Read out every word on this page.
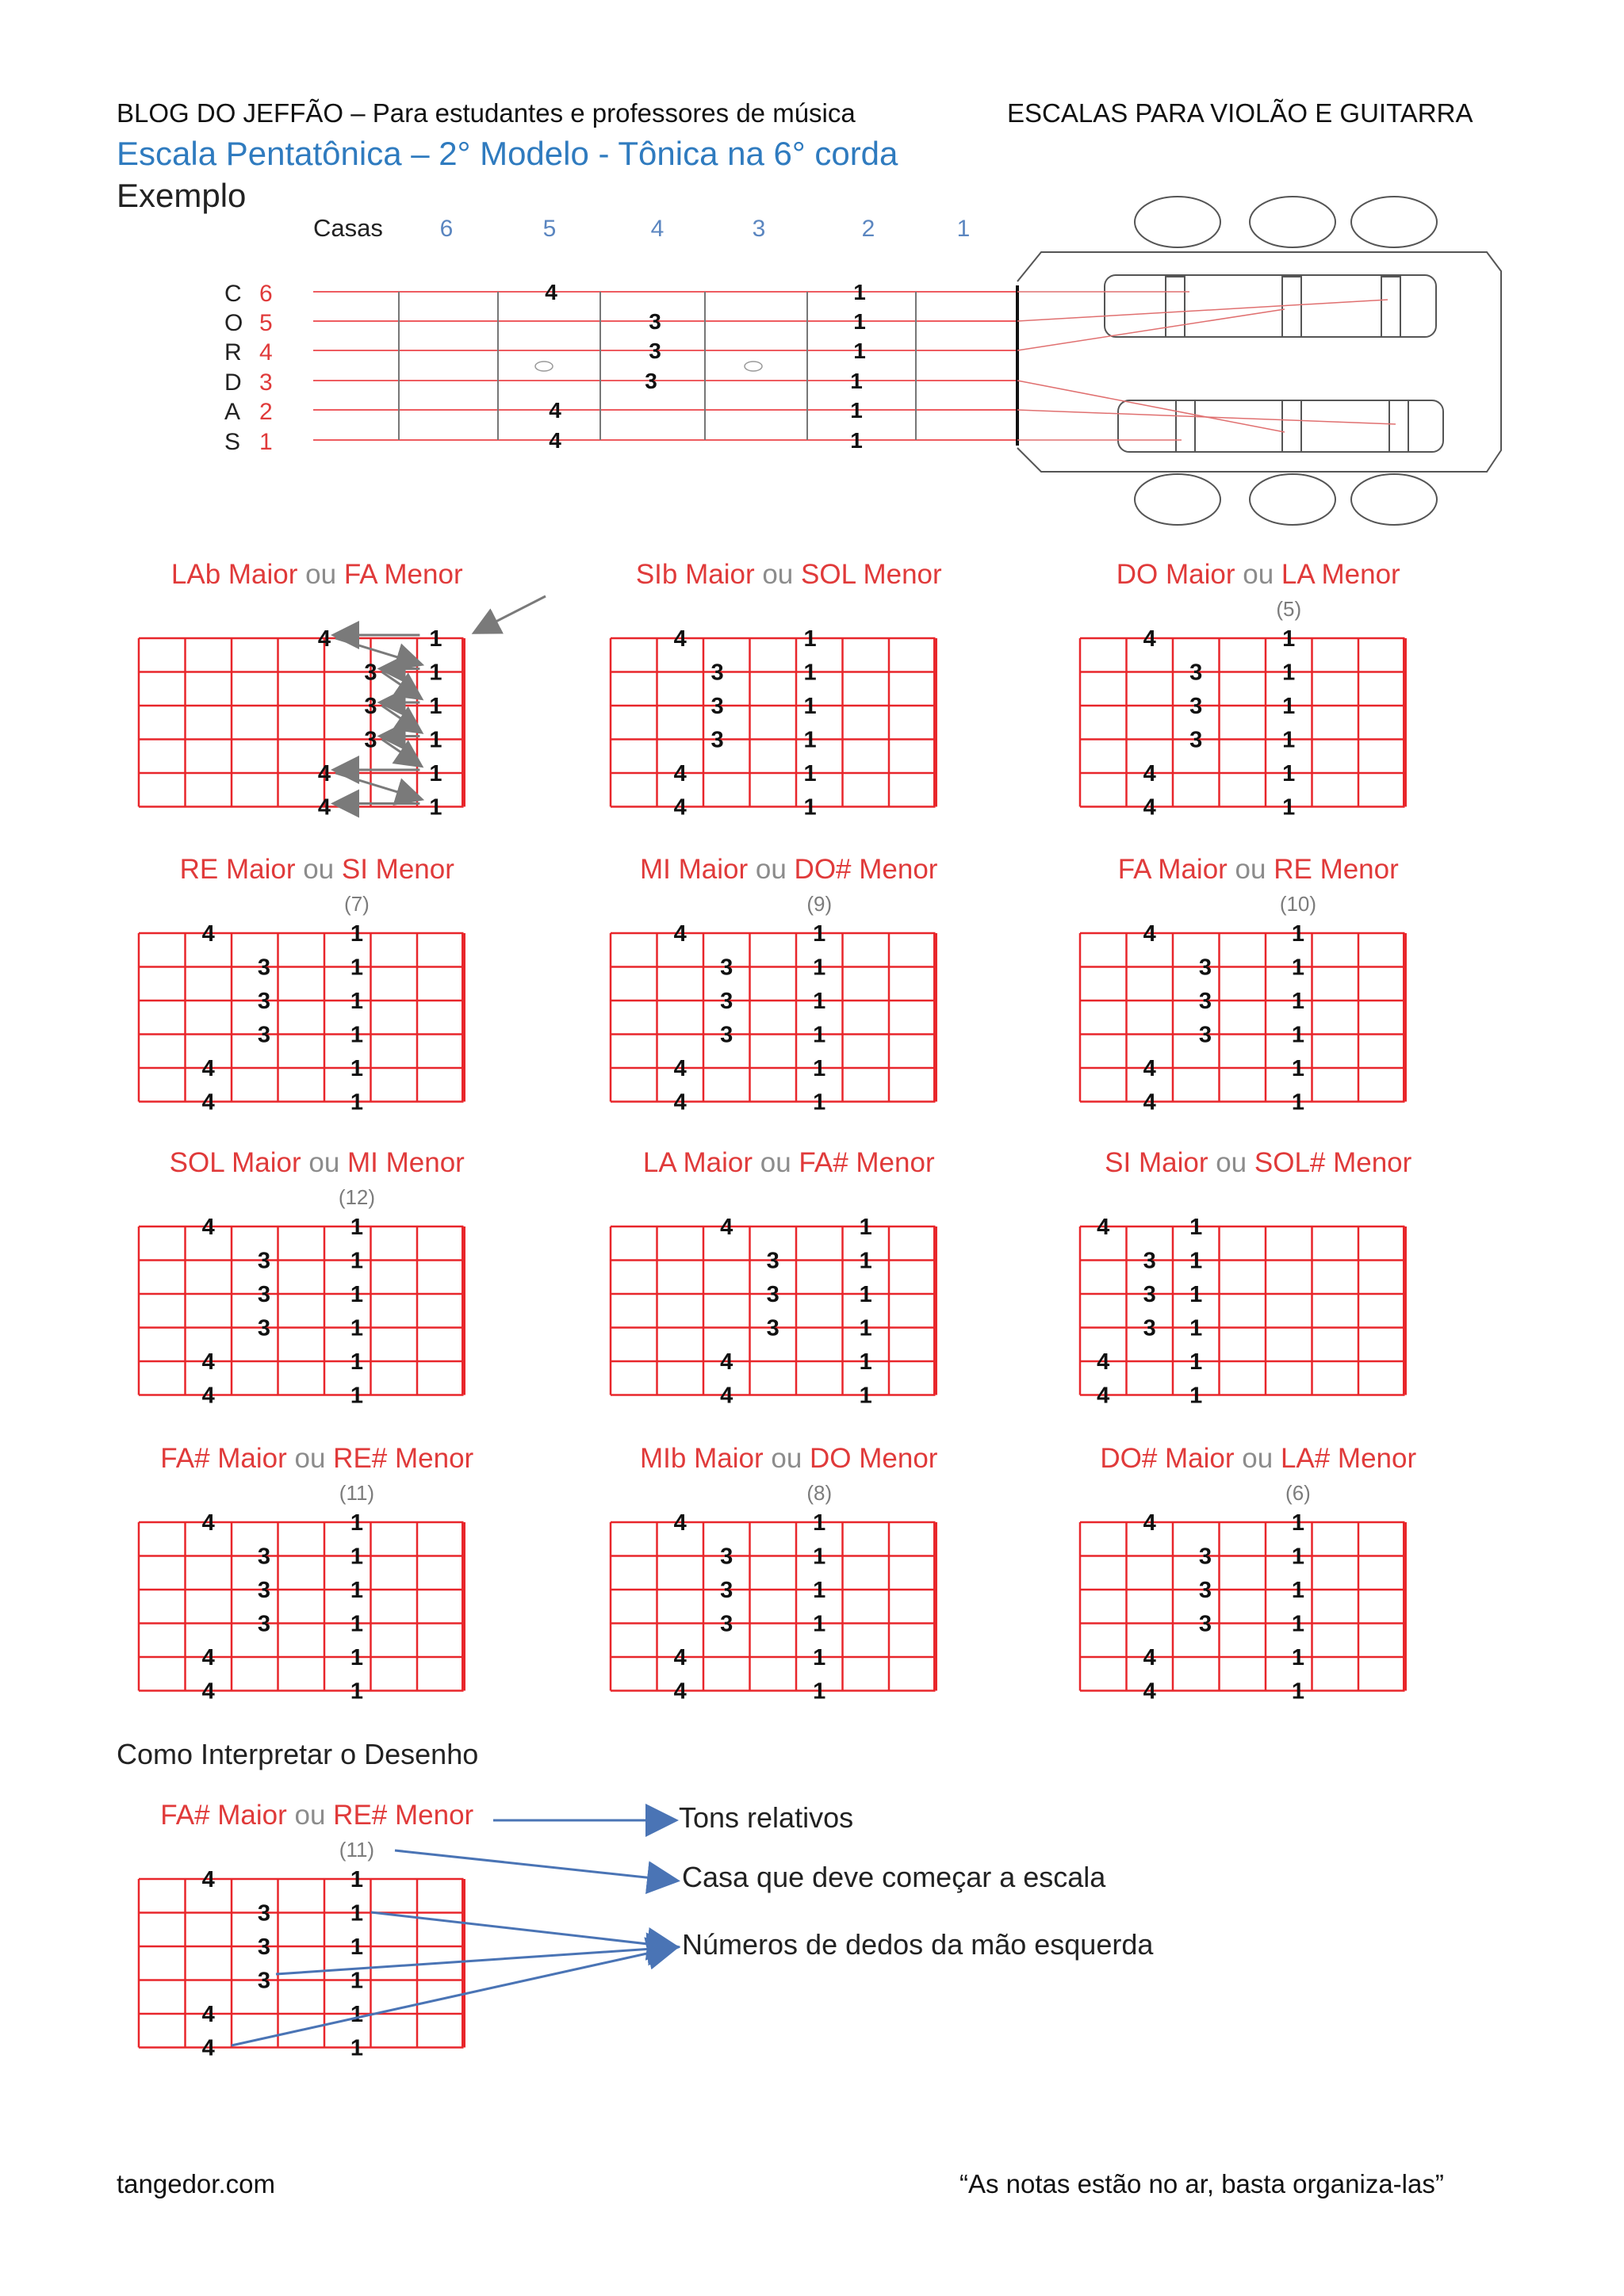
BLOG DO JEFFÃO – Para estudantes e professores de música	ESCALAS PARA VIOLÃO E GUITARRA
Escala Pentatônica – 2° Modelo - Tônica na 6° corda
Exemplo
Casas 6	5	4	3	2	1
C 6
O 5
R 4
D 3
A 2
S 1
4	1
3	1
3	1
3	1
4	1
4	1
LAb Maior ou FA Menor	SIb Maior ou SOL Menor	DO Maior ou LA Menor
(5)
RE Maior ou SI Menor
(7)
MI Maior ou DO# Menor
(9)
FA Maior ou RE Menor
(10)
SOL Maior ou MI Menor
(12)
LA Maior ou FA# Menor	SI Maior ou SOL# Menor
FA# Maior ou RE# Menor
(11)
MIb Maior ou DO Menor
(8)
DO# Maior ou LA# Menor
(6)
FA# Maior ou RE# Menor
(11)
4	1
3 1
3 1
3 1
4	1
4	1
4	1
3	1
3	1
3	1
4	1
4	1
4	1
3	1
3	1
3	1
4	1
4	1
4	1
3	1
3	1
3	1
4	1
4	1
4	1
3	1
3	1
3	1
4	1
4	1
4	1
3	1
3	1
3	1
4	1
4	1
4	1
3	1
3	1
3	1
4	1
4	1
4	1
3	1
3	1
3	1
4	1
4	1
4	1
3 1
3 1
3 1
4	1
4	1
4	1
3	1
3	1
3	1
4	1
4	1
4	1
3	1
3	1
3	1
4	1
4	1
4	1
3	1
3	1
3	1
4	1
4	1
4	1
3	1
3	1
3	1
4	1
4	1
Como Interpretar o Desenho
Tons relativos
Casa que deve começar a escala
Números de dedos da mão esquerda
tangedor.com	“As notas estão no ar, basta organiza-las”
